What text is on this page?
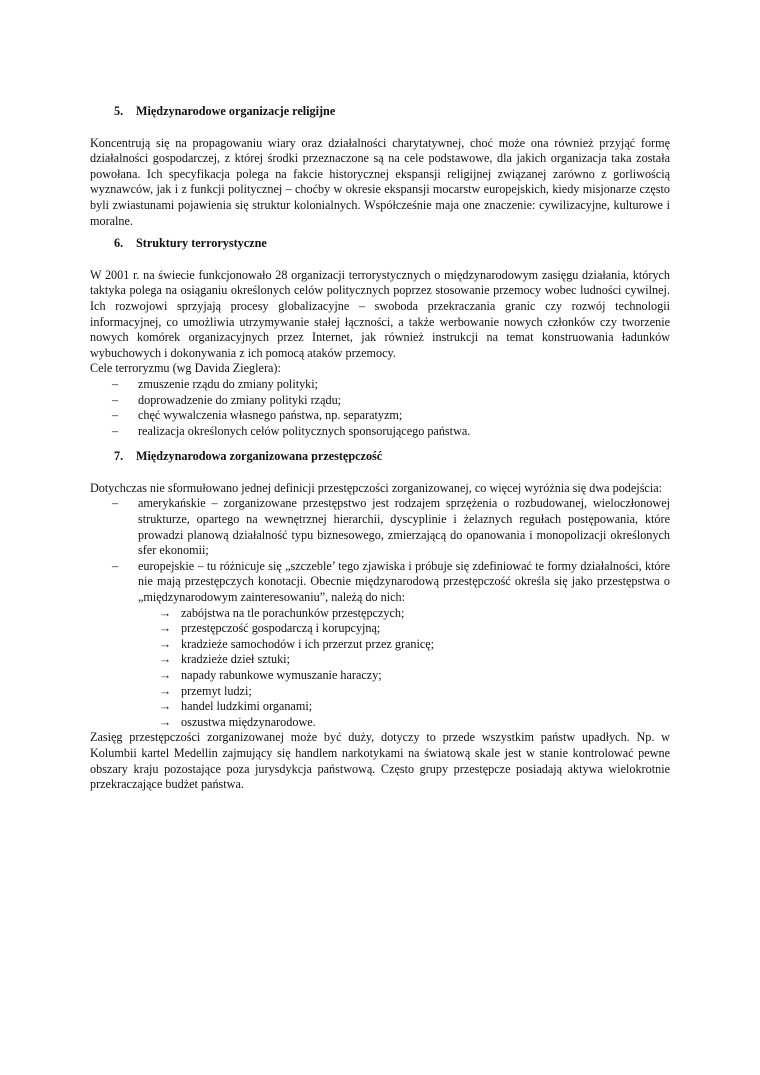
5. Międzynarodowe organizacje religijne

Koncentrują się na propagowaniu wiary oraz działalności charytatywnej, choć może ona również przyjąć formę działalności gospodarczej, z której środki przeznaczone są na cele podstawowe, dla jakich organizacja taka została powołana. Ich specyfikacja polega na fakcie historycznej ekspansji religijnej związanej zarówno z gorliwością wyznawców, jak i z funkcji politycznej – choćby w okresie ekspansji mocarstw europejskich, kiedy misjonarze często byli zwiastunami pojawienia się struktur kolonialnych. Współcześnie maja one znaczenie: cywilizacyjne, kulturowe i moralne.

6. Struktury terrorystyczne

W 2001 r. na świecie funkcjonowało 28 organizacji terrorystycznych o międzynarodowym zasięgu działania, których taktyka polega na osiąganiu określonych celów politycznych poprzez stosowanie przemocy wobec ludności cywilnej. Ich rozwojowi sprzyjają procesy globalizacyjne – swoboda przekraczania granic czy rozwój technologii informacyjnej, co umożliwia utrzymywanie stałej łączności, a także werbowanie nowych członków czy tworzenie nowych komórek organizacyjnych przez Internet, jak również instrukcji na temat konstruowania ładunków wybuchowych i dokonywania z ich pomocą ataków przemocy.

Cele terroryzmu (wg Davida Zieglera):

– zmuszenie rządu do zmiany polityki;
– doprowadzenie do zmiany polityki rządu;
– chęć wywalczenia własnego państwa, np. separatyzm;
– realizacja określonych celów politycznych sponsorującego państwa.
7. Międzynarodowa zorganizowana przestępczość

Dotychczas nie sformułowano jednej definicji przestępczości zorganizowanej, co więcej wyróżnia się dwa podejścia:

– amerykańskie – zorganizowane przestępstwo jest rodzajem sprzężenia o rozbudowanej, wieloczłonowej strukturze, opartego na wewnętrznej hierarchii, dyscyplinie i żelaznych regułach postępowania, które prowadzi planową działalność typu biznesowego, zmierzającą do opanowania i monopolizacji określonych sfer ekonomii;
– europejskie – tu różnicuje się „szczeble’ tego zjawiska i próbuje się zdefiniować te formy działalności, które nie mają przestępczych konotacji. Obecnie międzynarodową przestępczość określa się jako przestępstwa o „międzynarodowym zainteresowaniu”, należą do nich:
→ zabójstwa na tle porachunków przestępczych;
→ przestępczość gospodarczą i korupcyjną;
→ kradzieże samochodów i ich przerzut przez granicę;
→ kradzieże dzieł sztuki;
→ napady rabunkowe wymuszanie haraczy;
→ przemyt ludzi;
→ handel ludzkimi organami;
→ oszustwa międzynarodowe.

Zasięg przestępczości zorganizowanej może być duży, dotyczy to przede wszystkim państw upadłych. Np. w Kolumbii kartel Medellin zajmujący się handlem narkotykami na światową skale jest w stanie kontrolować pewne obszary kraju pozostające poza jurysdykcja państwową. Często grupy przestępcze posiadają aktywa wielokrotnie przekraczające budżet państwa.
